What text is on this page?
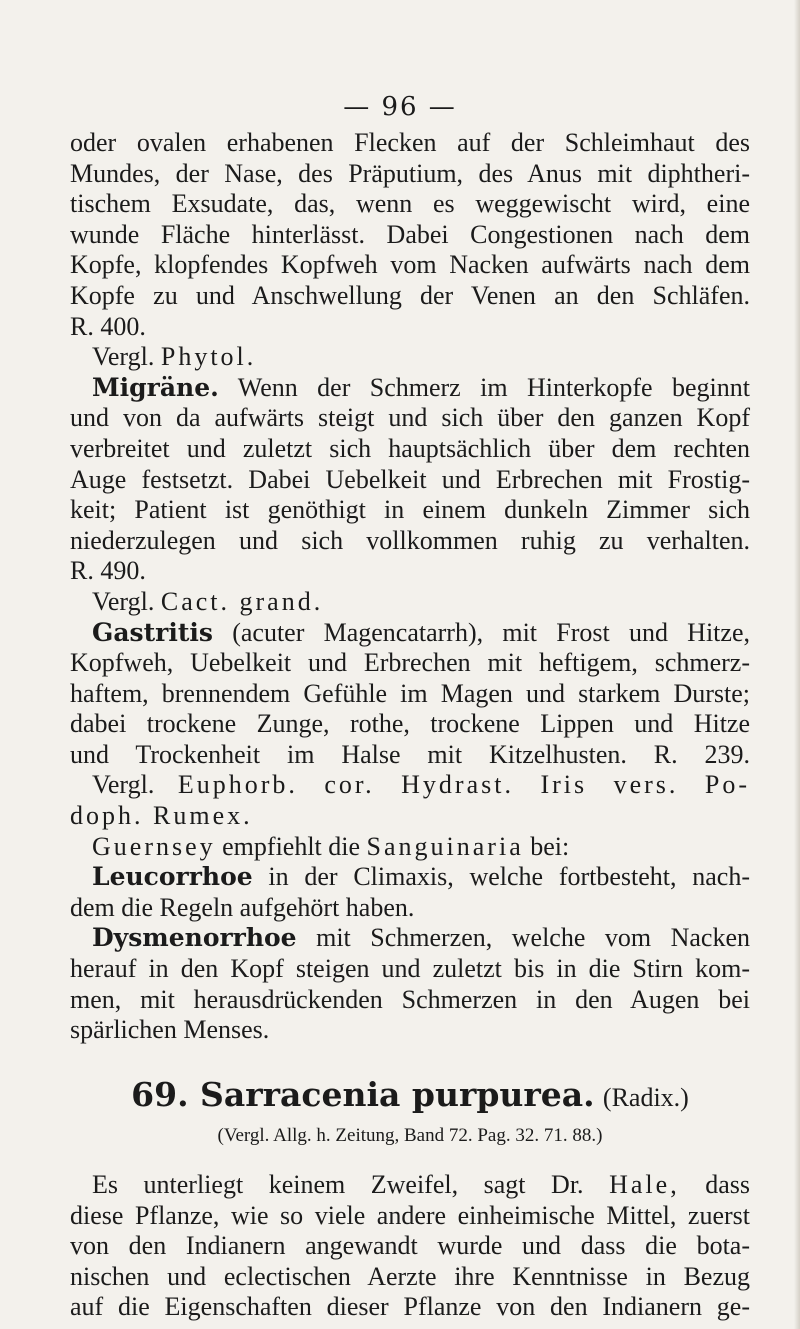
— 96 —
oder ovalen erhabenen Flecken auf der Schleimhaut des
Mundes, der Nase, des Präputium, des Anus mit diphtheri-
tischem Exsudate, das, wenn es weggewischt wird, eine
wunde Fläche hinterlässt. Dabei Congestionen nach dem
Kopfe, klopfendes Kopfweh vom Nacken aufwärts nach dem
Kopfe zu und Anschwellung der Venen an den Schläfen.
R. 400.
Vergl. Phytol.
Migräne. Wenn der Schmerz im Hinterkopfe beginnt
und von da aufwärts steigt und sich über den ganzen Kopf
verbreitet und zuletzt sich hauptsächlich über dem rechten
Auge festsetzt. Dabei Uebelkeit und Erbrechen mit Frostig-
keit; Patient ist genöthigt in einem dunkeln Zimmer sich
niederzulegen und sich vollkommen ruhig zu verhalten.
R. 490.
Vergl. Cact. grand.
Gastritis (acuter Magencatarrh), mit Frost und Hitze,
Kopfweh, Uebelkeit und Erbrechen mit heftigem, schmerz-
haftem, brennendem Gefühle im Magen und starkem Durste;
dabei trockene Zunge, rothe, trockene Lippen und Hitze
und Trockenheit im Halse mit Kitzelhusten. R. 239.
Vergl. Euphorb. cor. Hydrast. Iris vers. Po-
doph. Rumex.
Guernsey empfiehlt die Sanguinaria bei:
Leucorrhoe in der Climaxis, welche fortbesteht, nach-
dem die Regeln aufgehört haben.
Dysmenorrhoe mit Schmerzen, welche vom Nacken
herauf in den Kopf steigen und zuletzt bis in die Stirn kom-
men, mit herausdrückenden Schmerzen in den Augen bei
spärlichen Menses.
69. Sarracenia purpurea. (Radix.)
(Vergl. Allg. h. Zeitung, Band 72. Pag. 32. 71. 88.)
Es unterliegt keinem Zweifel, sagt Dr. Hale, dass
diese Pflanze, wie so viele andere einheimische Mittel, zuerst
von den Indianern angewandt wurde und dass die bota-
nischen und eclectischen Aerzte ihre Kenntnisse in Bezug
auf die Eigenschaften dieser Pflanze von den Indianern ge-
